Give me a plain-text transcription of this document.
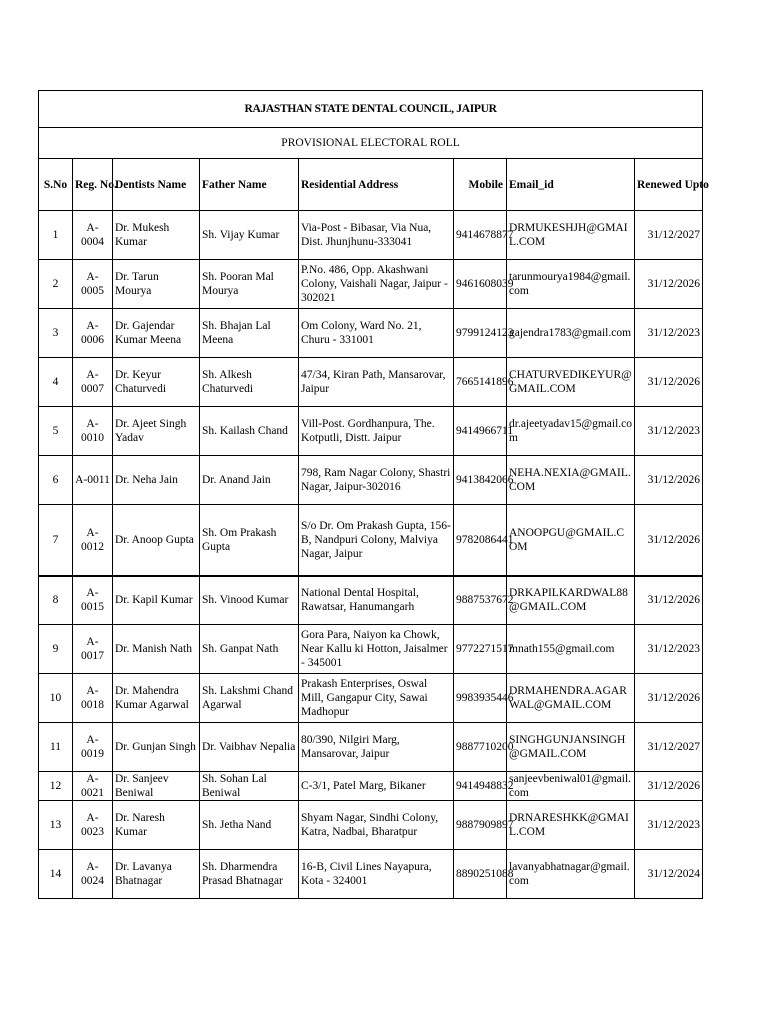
RAJASTHAN STATE DENTAL COUNCIL, JAIPUR							
PROVISIONAL ELECTORAL ROLL							
S.No	Reg. No.	Dentists Name	Father Name	Residential Address	Mobile	Email_id	Renewed Upto
1	A-0004	Dr. Mukesh Kumar	Sh. Vijay Kumar	Via-Post - Bibasar, Via Nua, Dist. Jhunjhunu-333041	9414678877	DRMUKESHJH@GMAIL.COM	31/12/2027
2	A-0005	Dr. Tarun Mourya	Sh. Pooran Mal Mourya	P.No. 486, Opp. Akashwani Colony, Vaishali Nagar, Jaipur - 302021	9461608039	tarunmourya1984@gmail.com	31/12/2026
3	A-0006	Dr. Gajendar Kumar Meena	Sh. Bhajan Lal Meena	Om Colony, Ward No. 21, Churu - 331001	9799124123	gajendra1783@gmail.com	31/12/2023
4	A-0007	Dr. Keyur Chaturvedi	Sh. Alkesh Chaturvedi	47/34, Kiran Path, Mansarovar, Jaipur	7665141896	CHATURVEDIKEYUR@GMAIL.COM	31/12/2026
5	A-0010	Dr. Ajeet Singh Yadav	Sh. Kailash Chand	Vill-Post. Gordhanpura, The. Kotputli, Distt. Jaipur	9414966711	dr.ajeetyadav15@gmail.com	31/12/2023
6	A-0011	Dr. Neha Jain	Dr. Anand Jain	798, Ram Nagar Colony, Shastri Nagar, Jaipur-302016	9413842066	NEHA.NEXIA@GMAIL.COM	31/12/2026
7	A-0012	Dr. Anoop Gupta	Sh. Om Prakash Gupta	S/o Dr. Om Prakash Gupta, 156-B, Nandpuri Colony, Malviya Nagar, Jaipur	9782086441	ANOOPGU@GMAIL.COM	31/12/2026
8	A-0015	Dr. Kapil Kumar	Sh. Vinood Kumar	National Dental Hospital, Rawatsar, Hanumangarh	9887537672	DRKAPILKARDWAL88@GMAIL.COM	31/12/2026
9	A-0017	Dr. Manish Nath	Sh. Ganpat Nath	Gora Para, Naiyon ka Chowk, Near Kallu ki Hotton, Jaisalmer - 345001	9772271517	mnath155@gmail.com	31/12/2023
10	A-0018	Dr. Mahendra Kumar Agarwal	Sh. Lakshmi Chand Agarwal	Prakash Enterprises, Oswal Mill, Gangapur City, Sawai Madhopur	9983935446	DRMAHENDRA.AGARWAL@GMAIL.COM	31/12/2026
11	A-0019	Dr. Gunjan Singh	Dr. Vaibhav Nepalia	80/390, Nilgiri Marg, Mansarovar, Jaipur	9887710200	SINGHGUNJANSINGH@GMAIL.COM	31/12/2027
12	A-0021	Dr. Sanjeev Beniwal	Sh. Sohan Lal Beniwal	C-3/1, Patel Marg, Bikaner	9414948832	sanjeevbeniwal01@gmail.com	31/12/2026
13	A-0023	Dr. Naresh Kumar	Sh. Jetha Nand	Shyam Nagar, Sindhi Colony, Katra, Nadbai, Bharatpur	9887909897	DRNARESHKK@GMAIL.COM	31/12/2023
14	A-0024	Dr. Lavanya Bhatnagar	Sh. Dharmendra Prasad Bhatnagar	16-B, Civil Lines Nayapura, Kota - 324001	8890251088	lavanyabhatnagar@gmail.com	31/12/2024
